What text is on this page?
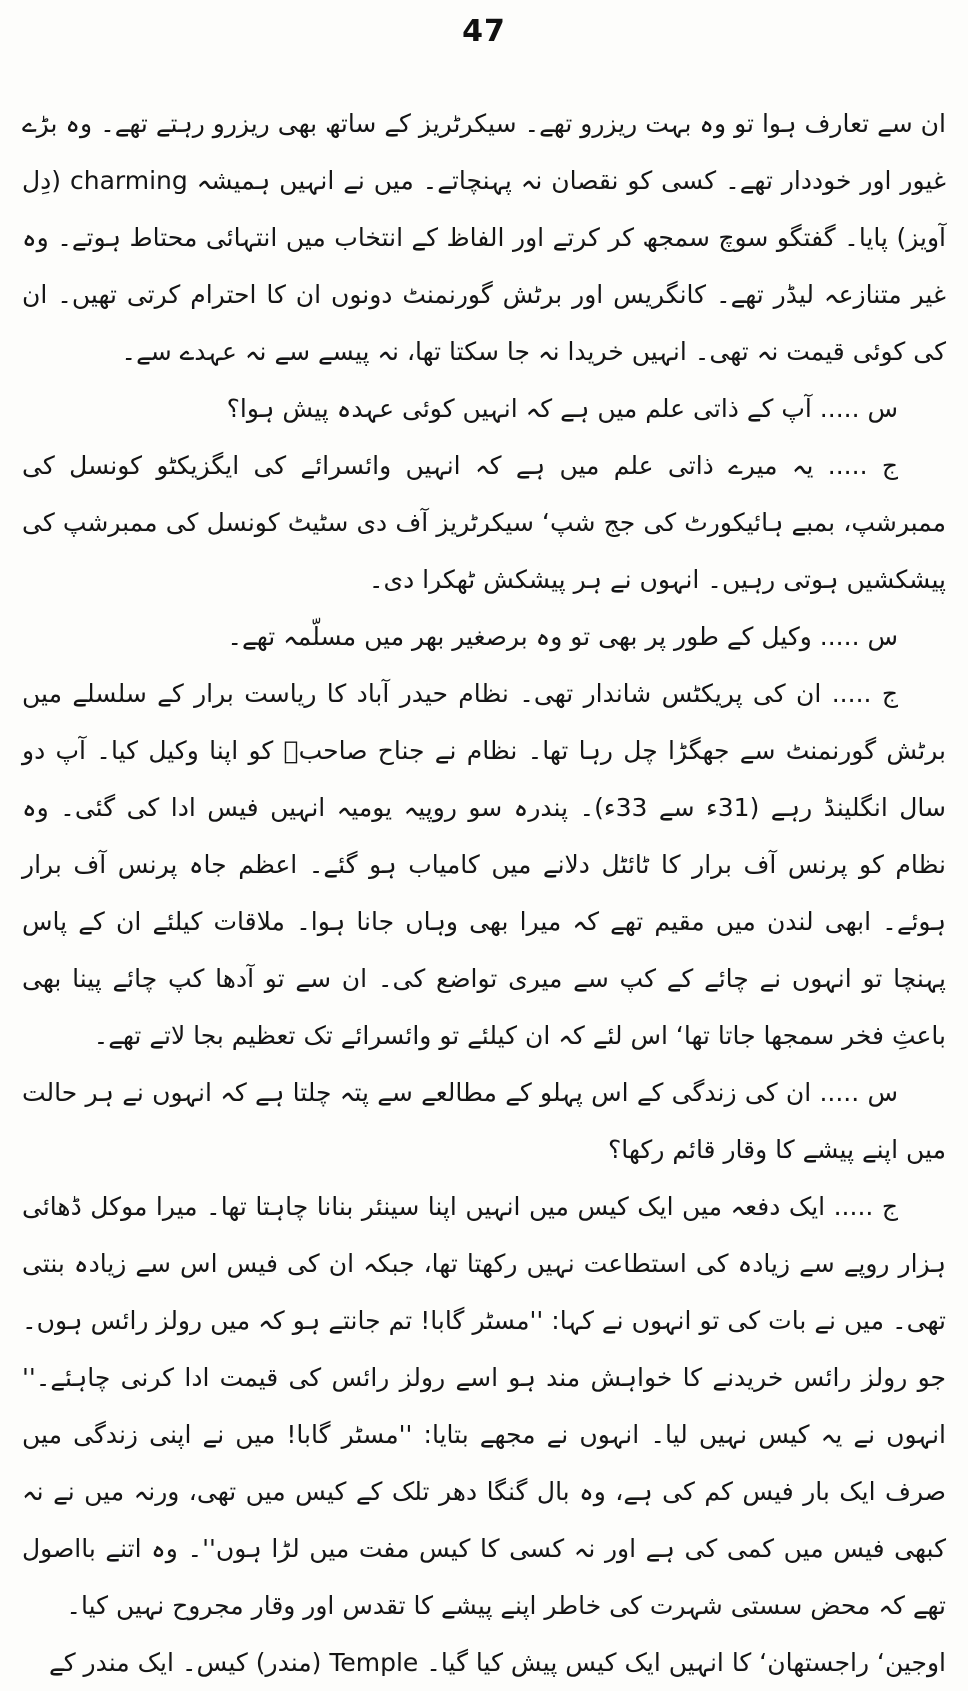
47

ان سے تعارف ہوا تو وہ بہت ریزرو تھے۔ سیکرٹریز کے ساتھ بھی ریزرو رہتے تھے۔ وہ بڑے غیور اور خوددار تھے۔ کسی کو نقصان نہ پہنچاتے۔ میں نے انہیں ہمیشہ charming (دِل آویز) پایا۔ گفتگو سوچ سمجھ کر کرتے اور الفاظ کے انتخاب میں انتہائی محتاط ہوتے۔ وہ غیر متنازعہ لیڈر تھے۔ کانگریس اور برٹش گورنمنٹ دونوں ان کا احترام کرتی تھیں۔ ان کی کوئی قیمت نہ تھی۔ انہیں خریدا نہ جا سکتا تھا، نہ پیسے سے نہ عہدے سے۔

س ..... آپ کے ذاتی علم میں ہے کہ انہیں کوئی عہدہ پیش ہوا؟

ج ..... یہ میرے ذاتی علم میں ہے کہ انہیں وائسرائے کی ایگزیکٹو کونسل کی ممبرشپ، بمبے ہائیکورٹ کی جج شپ‘ سیکرٹریز آف دی سٹیٹ کونسل کی ممبرشپ کی پیشکشیں ہوتی رہیں۔ انہوں نے ہر پیشکش ٹھکرا دی۔

س ..... وکیل کے طور پر بھی تو وہ برصغیر بھر میں مسلّمہ تھے۔

ج ..... ان کی پریکٹس شاندار تھی۔ نظام حیدر آباد کا ریاست برار کے سلسلے میں برٹش گورنمنٹ سے جھگڑا چل رہا تھا۔ نظام نے جناح صاحبؒ کو اپنا وکیل کیا۔ آپ دو سال انگلینڈ رہے (31ء سے 33ء)۔ پندرہ سو روپیہ یومیہ انہیں فیس ادا کی گئی۔ وہ نظام کو پرنس آف برار کا ٹائٹل دلانے میں کامیاب ہو گئے۔ اعظم جاہ پرنس آف برار ہوئے۔ ابھی لندن میں مقیم تھے کہ میرا بھی وہاں جانا ہوا۔ ملاقات کیلئے ان کے پاس پہنچا تو انہوں نے چائے کے کپ سے میری تواضع کی۔ ان سے تو آدھا کپ چائے پینا بھی باعثِ فخر سمجھا جاتا تھا‘ اس لئے کہ ان کیلئے تو وائسرائے تک تعظیم بجا لاتے تھے۔

س ..... ان کی زندگی کے اس پہلو کے مطالعے سے پتہ چلتا ہے کہ انہوں نے ہر حالت میں اپنے پیشے کا وقار قائم رکھا؟

ج ..... ایک دفعہ میں ایک کیس میں انہیں اپنا سینئر بنانا چاہتا تھا۔ میرا موکل ڈھائی ہزار روپے سے زیادہ کی استطاعت نہیں رکھتا تھا، جبکہ ان کی فیس اس سے زیادہ بنتی تھی۔ میں نے بات کی تو انہوں نے کہا: ''مسٹر گابا! تم جانتے ہو کہ میں رولز رائس ہوں۔ جو رولز رائس خریدنے کا خواہش مند ہو اسے رولز رائس کی قیمت ادا کرنی چاہئے۔'' انہوں نے یہ کیس نہیں لیا۔ انہوں نے مجھے بتایا: ''مسٹر گابا! میں نے اپنی زندگی میں صرف ایک بار فیس کم کی ہے، وہ بال گنگا دھر تلک کے کیس میں تھی، ورنہ میں نے نہ کبھی فیس میں کمی کی ہے اور نہ کسی کا کیس مفت میں لڑا ہوں''۔ وہ اتنے بااصول تھے کہ محض سستی شہرت کی خاطر اپنے پیشے کا تقدس اور وقار مجروح نہیں کیا۔

اوجین‘ راجستھان‘ کا انہیں ایک کیس پیش کیا گیا۔ Temple (مندر) کیس۔ ایک مندر کے
